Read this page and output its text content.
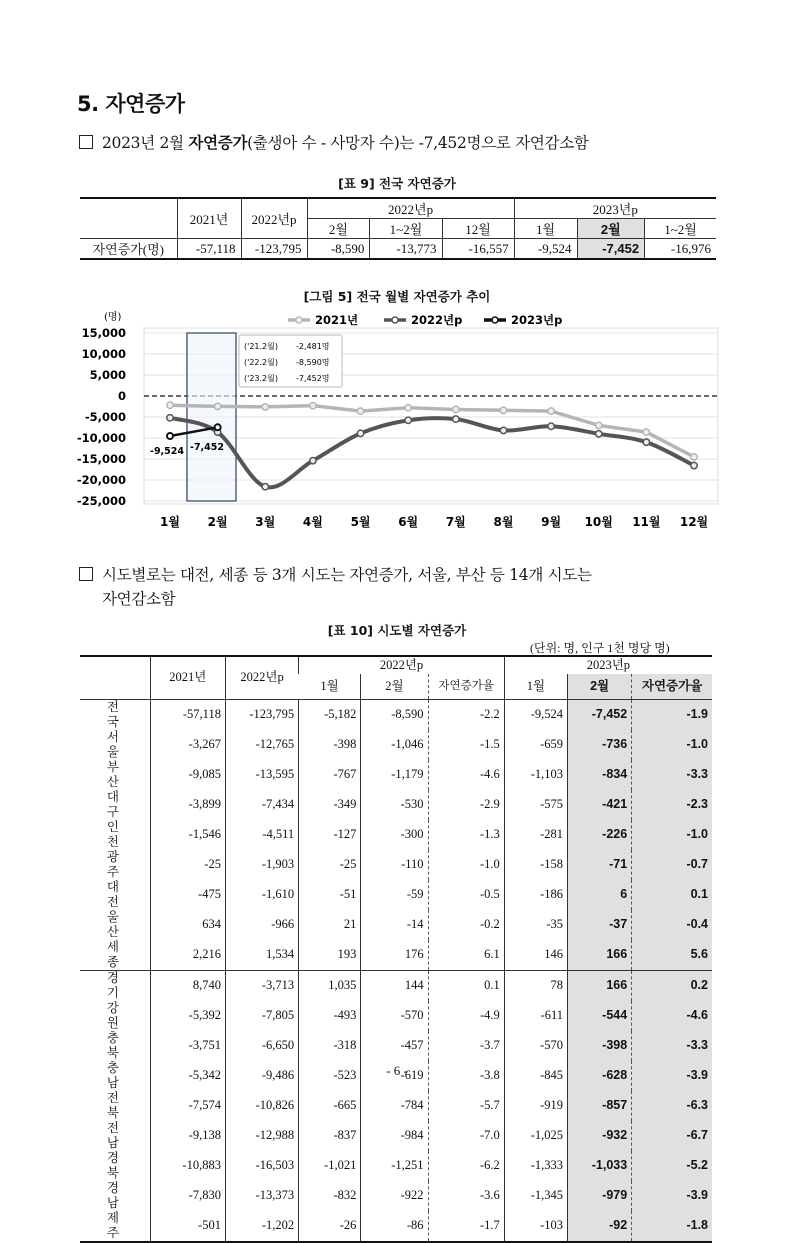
5. 자연증가
2023년 2월 자연증가(출생아 수 - 사망자 수)는 -7,452명으로 자연감소함
[표 9] 전국 자연증가
	2021년	2022년p	2022년p			2023년p		
			2월	1~2월	12월	1월	2월	1~2월
자연증가(명)	-57,118	-123,795	-8,590	-13,773	-16,557	-9,524	-7,452	-16,976
[그림 5] 전국 월별 자연증가 추이
(명)	2021년	2022년p	2023년p
15,000
10,000
5,000
0
-5,000
-10,000
-15,000
-20,000
-25,000
1월 2월 3월 4월 5월 6월 7월 8월 9월 10월 11월 12월
('21.2월) -2,481명
('22.2월) -8,590명
('23.2월) -7,452명
-9,524 -7,452
시도별로는 대전, 세종 등 3개 시도는 자연증가, 서울, 부산 등 14개 시도는
자연감소함
[표 10] 시도별 자연증가
(단위: 명, 인구 1천 명당 명)
	2021년	2022년p	2022년p			2023년p		
			1월	2월	자연증가율	1월	2월	자연증가율
전국	-57,118	-123,795	-5,182	-8,590	-2.2	-9,524	-7,452	-1.9
서울	-3,267	-12,765	-398	-1,046	-1.5	-659	-736	-1.0
부산	-9,085	-13,595	-767	-1,179	-4.6	-1,103	-834	-3.3
대구	-3,899	-7,434	-349	-530	-2.9	-575	-421	-2.3
인천	-1,546	-4,511	-127	-300	-1.3	-281	-226	-1.0
광주	-25	-1,903	-25	-110	-1.0	-158	-71	-0.7
대전	-475	-1,610	-51	-59	-0.5	-186	6	0.1
울산	634	-966	21	-14	-0.2	-35	-37	-0.4
세종	2,216	1,534	193	176	6.1	146	166	5.6
경기	8,740	-3,713	1,035	144	0.1	78	166	0.2
강원	-5,392	-7,805	-493	-570	-4.9	-611	-544	-4.6
충북	-3,751	-6,650	-318	-457	-3.7	-570	-398	-3.3
충남	-5,342	-9,486	-523	-619	-3.8	-845	-628	-3.9
전북	-7,574	-10,826	-665	-784	-5.7	-919	-857	-6.3
전남	-9,138	-12,988	-837	-984	-7.0	-1,025	-932	-6.7
경북	-10,883	-16,503	-1,021	-1,251	-6.2	-1,333	-1,033	-5.2
경남	-7,830	-13,373	-832	-922	-3.6	-1,345	-979	-3.9
제주	-501	-1,202	-26	-86	-1.7	-103	-92	-1.8
- 6 -
